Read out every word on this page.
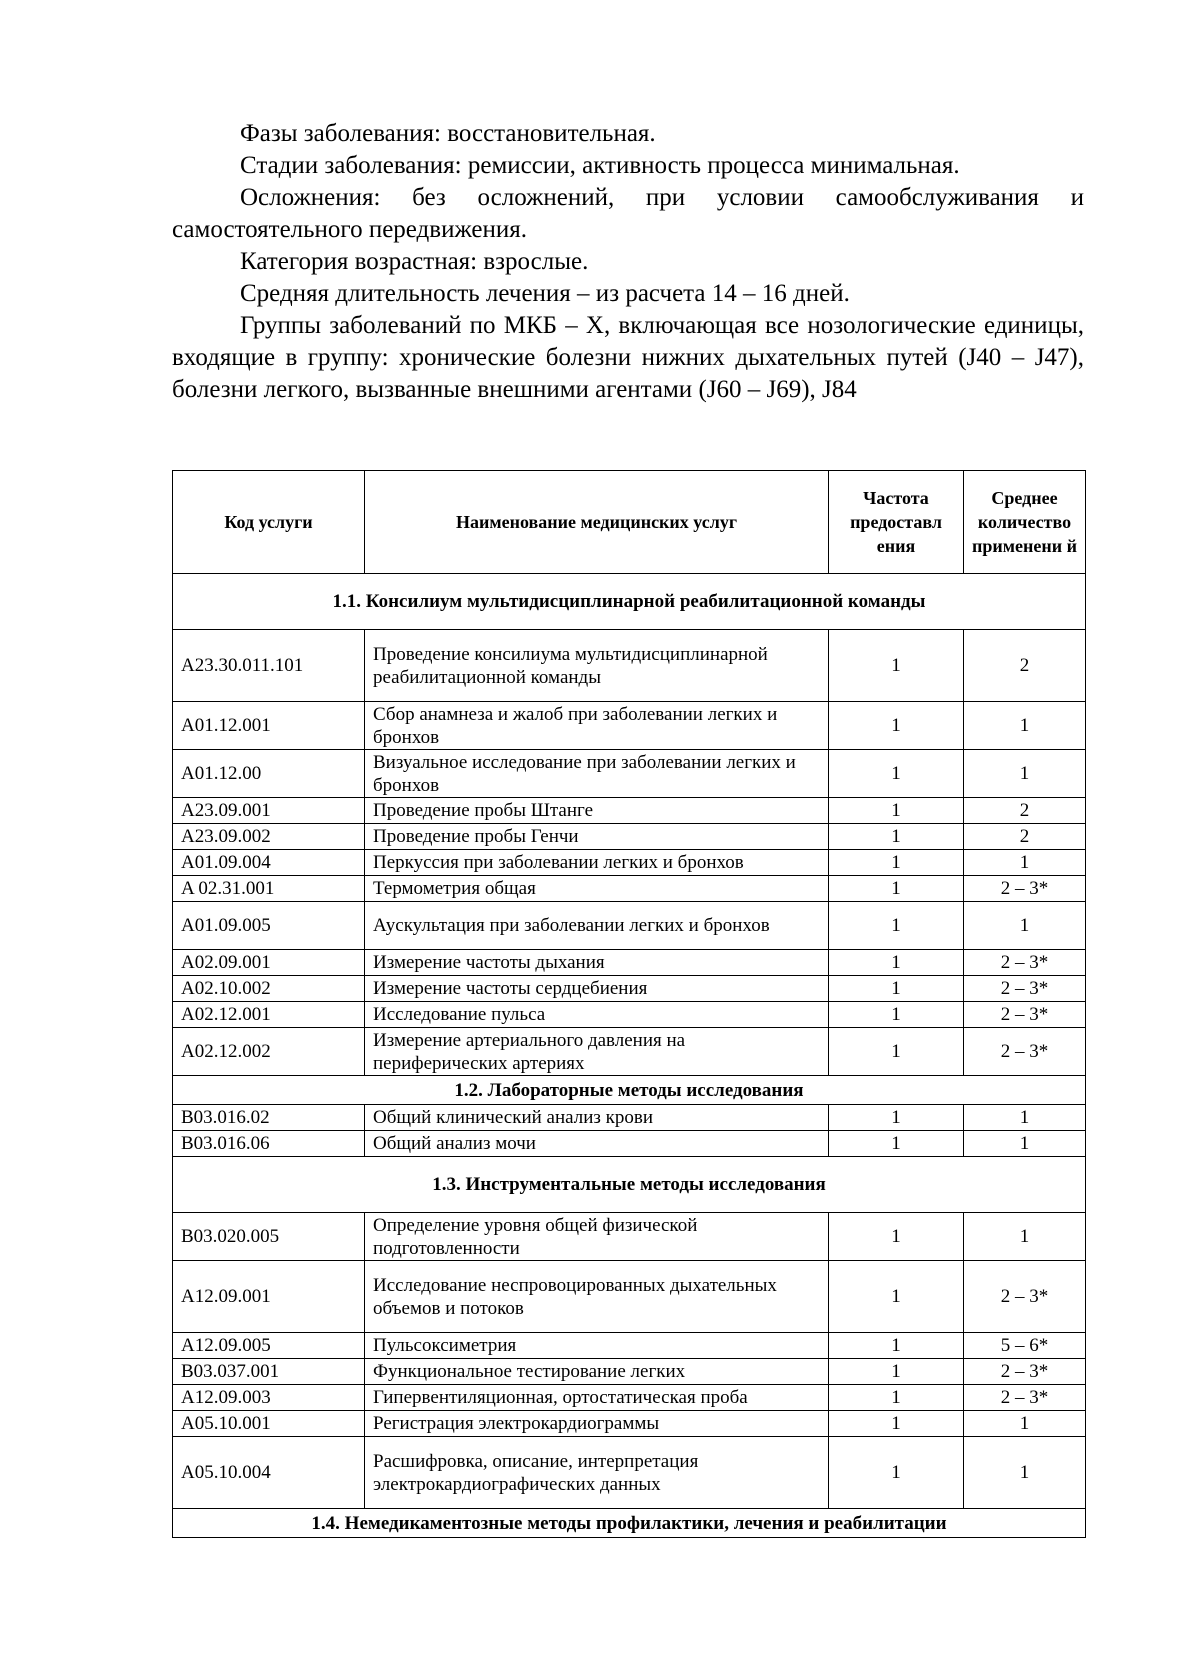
Фазы заболевания: восстановительная.

Стадии заболевания: ремиссии, активность процесса минимальная.

Осложнения: без осложнений, при условии самообслуживания и самостоятельного передвижения.

Категория возрастная: взрослые.

Средняя длительность лечения – из расчета 14 – 16 дней.

Группы заболеваний по МКБ – X, включающая все нозологические единицы, входящие в группу: хронические болезни нижних дыхательных путей (J40 – J47), болезни легкого, вызванные внешними агентами (J60 – J69), J84

Код услуги	Наименование медицинских услуг	Частота предоставл ения	Среднее количество применени й
1.1. Консилиум мультидисциплинарной реабилитационной команды			
A23.30.011.101	Проведение консилиума мультидисциплинарной реабилитационной команды	1	2
A01.12.001	Сбор анамнеза и жалоб при заболевании легких и бронхов	1	1
A01.12.00	Визуальное исследование при заболевании легких и бронхов	1	1
A23.09.001	Проведение пробы Штанге	1	2
A23.09.002	Проведение пробы Генчи	1	2
A01.09.004	Перкуссия при заболевании легких и бронхов	1	1
A 02.31.001	Термометрия общая	1	2 – 3*
A01.09.005	Аускультация при заболевании легких и бронхов	1	1
A02.09.001	Измерение частоты дыхания	1	2 – 3*
A02.10.002	Измерение частоты сердцебиения	1	2 – 3*
A02.12.001	Исследование пульса	1	2 – 3*
A02.12.002	Измерение артериального давления на периферических артериях	1	2 – 3*
1.2. Лабораторные методы исследования			
B03.016.02	Общий клинический анализ крови	1	1
B03.016.06	Общий анализ мочи	1	1
1.3. Инструментальные методы исследования			
B03.020.005	Определение уровня общей физической подготовленности	1	1
A12.09.001	Исследование неспровоцированных дыхательных объемов и потоков	1	2 – 3*
A12.09.005	Пульсоксиметрия	1	5 – 6*
B03.037.001	Функциональное тестирование легких	1	2 – 3*
A12.09.003	Гипервентиляционная, ортостатическая проба	1	2 – 3*
A05.10.001	Регистрация электрокардиограммы	1	1
A05.10.004	Расшифровка, описание, интерпретация электрокардиографических данных	1	1
1.4. Немедикаментозные методы профилактики, лечения и реабилитации			
